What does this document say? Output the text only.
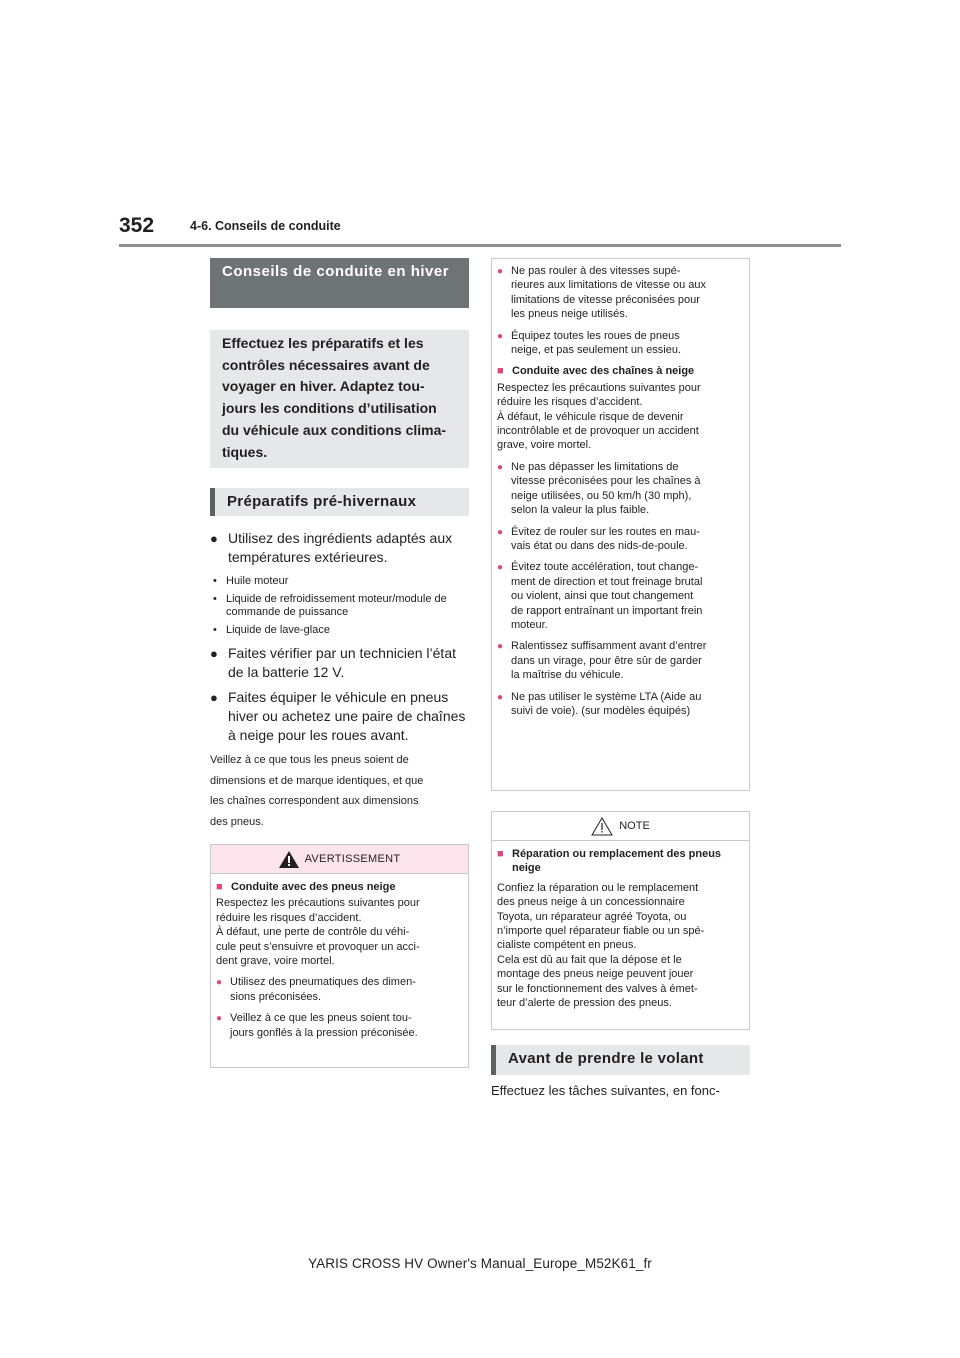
352	4-6. Conseils de conduite
Conseils de conduite en hiver
Effectuez les préparatifs et les
contrôles nécessaires avant de
voyager en hiver. Adaptez tou-
jours les conditions d’utilisation
du véhicule aux conditions clima-
tiques.
Préparatifs pré-hivernaux
● Utilisez des ingrédients adaptés aux températures extérieures.
• Huile moteur
• Liquide de refroidissement moteur/module de commande de puissance
• Liquide de lave-glace
● Faites vérifier par un technicien l’état de la batterie 12 V.
● Faites équiper le véhicule en pneus hiver ou achetez une paire de chaînes à neige pour les roues avant.
Veillez à ce que tous les pneus soient de
dimensions et de marque identiques, et que
les chaînes correspondent aux dimensions
des pneus.
AVERTISSEMENT
■ Conduite avec des pneus neige
Respectez les précautions suivantes pour
réduire les risques d’accident.
À défaut, une perte de contrôle du véhi-
cule peut s’ensuivre et provoquer un acci-
dent grave, voire mortel.
● Utilisez des pneumatiques des dimen-
sions préconisées.
● Veillez à ce que les pneus soient tou-
jours gonflés à la pression préconisée.
● Ne pas rouler à des vitesses supé-
rieures aux limitations de vitesse ou aux
limitations de vitesse préconisées pour
les pneus neige utilisés.
● Équipez toutes les roues de pneus
neige, et pas seulement un essieu.
■ Conduite avec des chaînes à neige
Respectez les précautions suivantes pour
réduire les risques d’accident.
À défaut, le véhicule risque de devenir
incontrôlable et de provoquer un accident
grave, voire mortel.
● Ne pas dépasser les limitations de
vitesse préconisées pour les chaînes à
neige utilisées, ou 50 km/h (30 mph),
selon la valeur la plus faible.
● Évitez de rouler sur les routes en mau-
vais état ou dans des nids-de-poule.
● Évitez toute accélération, tout change-
ment de direction et tout freinage brutal
ou violent, ainsi que tout changement
de rapport entraînant un important frein
moteur.
● Ralentissez suffisamment avant d’entrer
dans un virage, pour être sûr de garder
la maîtrise du véhicule.
● Ne pas utiliser le système LTA (Aide au
suivi de voie). (sur modèles équipés)
NOTE
■ Réparation ou remplacement des pneus neige
Confiez la réparation ou le remplacement
des pneus neige à un concessionnaire
Toyota, un réparateur agréé Toyota, ou
n’importe quel réparateur fiable ou un spé-
cialiste compétent en pneus.
Cela est dû au fait que la dépose et le
montage des pneus neige peuvent jouer
sur le fonctionnement des valves à émet-
teur d’alerte de pression des pneus.
Avant de prendre le volant
Effectuez les tâches suivantes, en fonc-
YARIS CROSS HV Owner's Manual_Europe_M52K61_fr
